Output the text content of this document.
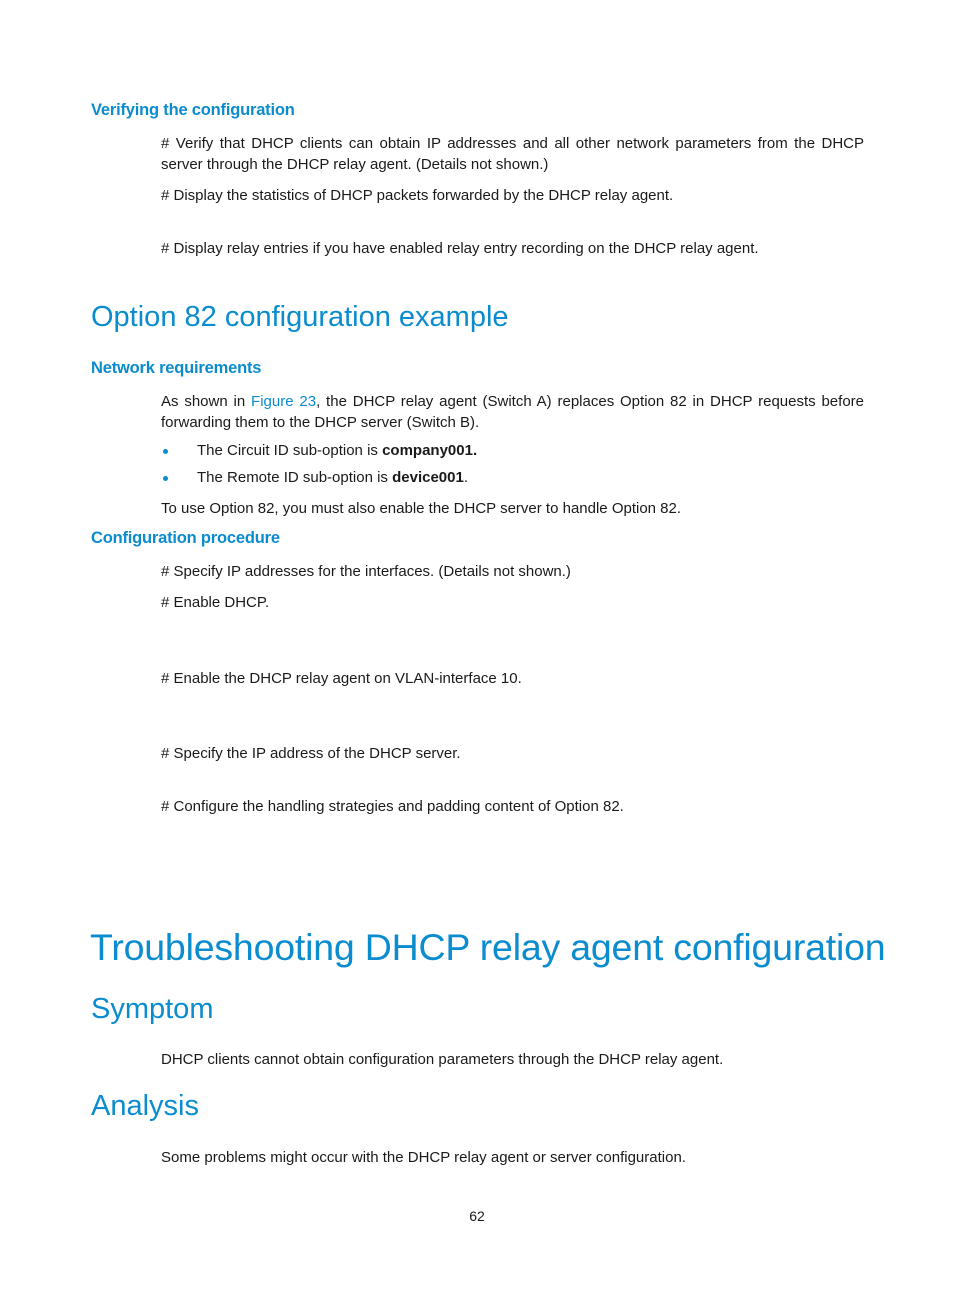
Verifying the configuration
# Verify that DHCP clients can obtain IP addresses and all other network parameters from the DHCP server through the DHCP relay agent. (Details not shown.)
# Display the statistics of DHCP packets forwarded by the DHCP relay agent.
# Display relay entries if you have enabled relay entry recording on the DHCP relay agent.
Option 82 configuration example
Network requirements
As shown in Figure 23, the DHCP relay agent (Switch A) replaces Option 82 in DHCP requests before forwarding them to the DHCP server (Switch B).
The Circuit ID sub-option is company001.
The Remote ID sub-option is device001.
To use Option 82, you must also enable the DHCP server to handle Option 82.
Configuration procedure
# Specify IP addresses for the interfaces. (Details not shown.)
# Enable DHCP.
# Enable the DHCP relay agent on VLAN-interface 10.
# Specify the IP address of the DHCP server.
# Configure the handling strategies and padding content of Option 82.
Troubleshooting DHCP relay agent configuration
Symptom
DHCP clients cannot obtain configuration parameters through the DHCP relay agent.
Analysis
Some problems might occur with the DHCP relay agent or server configuration.
62
